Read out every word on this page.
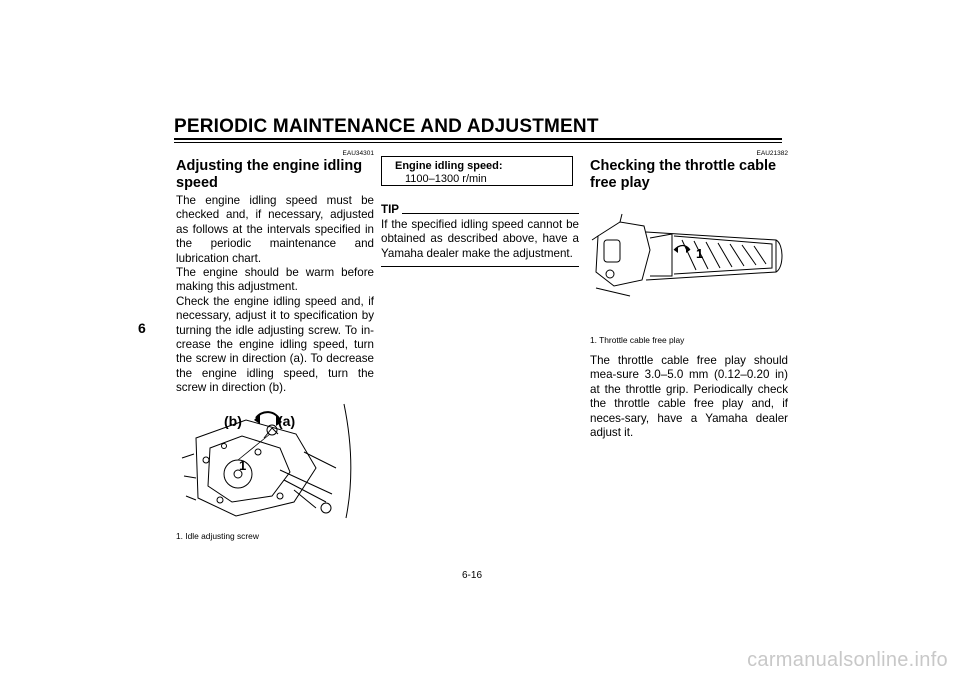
PERIODIC MAINTENANCE AND ADJUSTMENT
6
EAU34301
Adjusting the engine idling speed

The engine idling speed must be checked and, if necessary, adjusted as follows at the intervals specified in the periodic maintenance and lubrication chart.

The engine should be warm before making this adjustment.

Check the engine idling speed and, if necessary, adjust it to specification by turning the idle adjusting screw. To in-crease the engine idling speed, turn the screw in direction (a). To decrease the engine idling speed, turn the screw in direction (b).

(b)	(a)
1
1. Idle adjusting screw
Engine idling speed:
1100–1300 r/min
TIP

If the specified idling speed cannot be obtained as described above, have a Yamaha dealer make the adjustment.

EAU21382
Checking the throttle cable free play
1
1. Throttle cable free play

The throttle cable free play should mea-sure 3.0–5.0 mm (0.12–0.20 in) at the throttle grip. Periodically check the throttle cable free play and, if neces-sary, have a Yamaha dealer adjust it.

6-16
carmanualsonline.info
